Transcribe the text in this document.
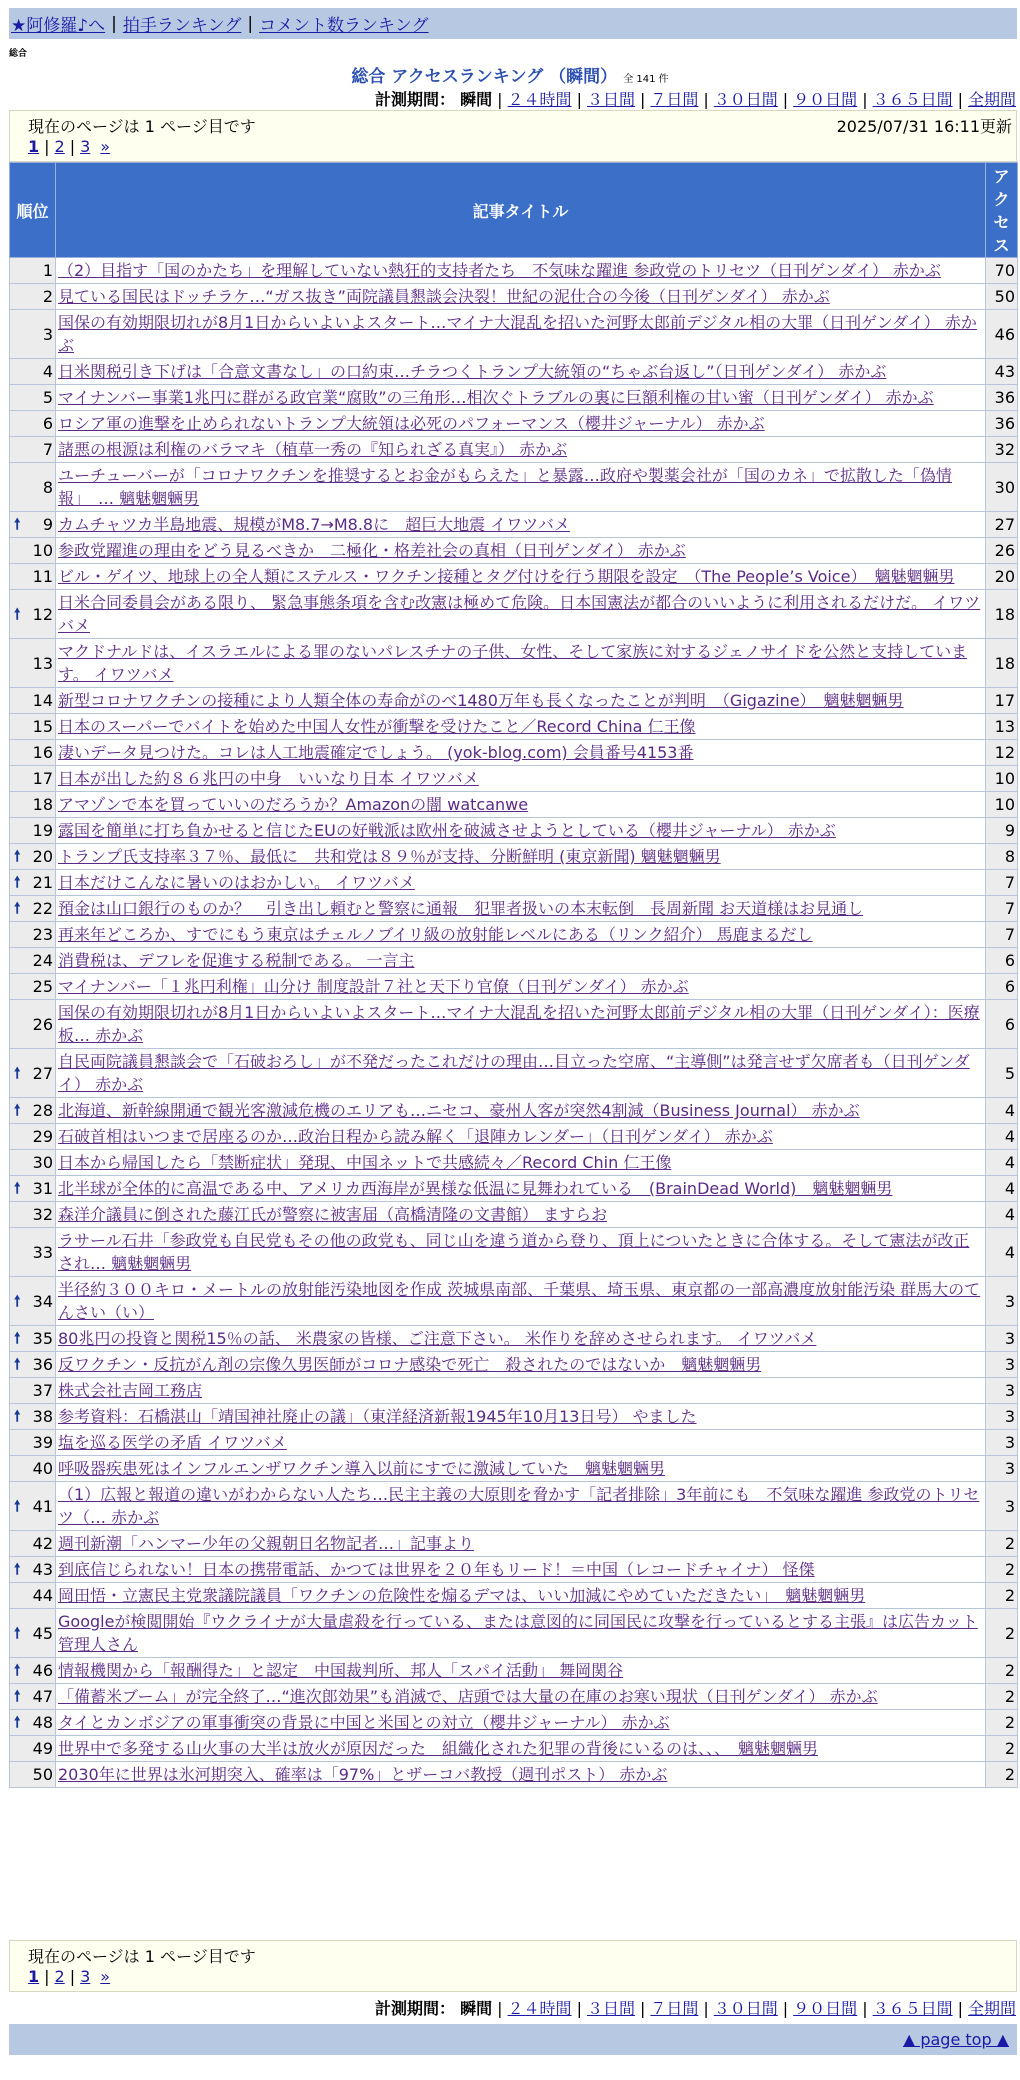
★阿修羅♪へ | 拍手ランキング | コメント数ランキング
総合
総合 アクセスランキング （瞬間） 全 141 件
計測期間： 瞬間 | ２４時間 | ３日間 | ７日間 | ３０日間 | ９０日間 | ３６５日間 | 全期間
現在のページは 1 ページ目です	2025/07/31 16:11更新
1 | 2 | 3 »
順位	記事タイトル	アクセス
1	（2）目指す「国のかたち」を理解していない熱狂的支持者たち　不気味な躍進 参政党のトリセツ（日刊ゲンダイ） 赤かぶ	70
2	見ている国民はドッチラケ…“ガス抜き”両院議員懇談会決裂！世紀の泥仕合の今後（日刊ゲンダイ） 赤かぶ	50
3	国保の有効期限切れが8月1日からいよいよスタート…マイナ大混乱を招いた河野太郎前デジタル相の大罪（日刊ゲンダイ） 赤かぶ	46
4	日米関税引き下げは「合意文書なし」の口約束…チラつくトランプ大統領の“ちゃぶ台返し”（日刊ゲンダイ） 赤かぶ	43
5	マイナンバー事業1兆円に群がる政官業“腐敗”の三角形…相次ぐトラブルの裏に巨額利権の甘い蜜（日刊ゲンダイ） 赤かぶ	36
6	ロシア軍の進撃を止められないトランプ大統領は必死のパフォーマンス（櫻井ジャーナル） 赤かぶ	36
7	諸悪の根源は利権のバラマキ（植草一秀の『知られざる真実』） 赤かぶ	32
8	ユーチューバーが「コロナワクチンを推奨するとお金がもらえた」と暴露…政府や製薬会社が「国のカネ」で拡散した「偽情報」　… 魑魅魍魎男	30

🠕 9	カムチャツカ半島地震、規模がM8.7→M8.8に　超巨大地震 イワツバメ	27
10	参政党躍進の理由をどう見るべきか　二極化・格差社会の真相（日刊ゲンダイ） 赤かぶ	26
11	ビル・ゲイツ、地球上の全人類にステルス・ワクチン接種とタグ付けを行う期限を設定　（The People’s Voice）　魑魅魍魎男	20

🠕 12	日米合同委員会がある限り、 緊急事態条項を含む改憲は極めて危険。日本国憲法が都合のいいように利用されるだけだ。 イワツバメ	18
13	マクドナルドは、イスラエルによる罪のないパレスチナの子供、女性、そして家族に対するジェノサイドを公然と支持しています。 イワツバメ	18
14	新型コロナワクチンの接種により人類全体の寿命がのべ1480万年も長くなったことが判明　（Gigazine）　魑魅魍魎男	17
15	日本のスーパーでバイトを始めた中国人女性が衝撃を受けたこと／Record China 仁王像	13
16	凄いデータ見つけた。コレは人工地震確定でしょう。 (yok-blog.com) 会員番号4153番	12
17	日本が出した約８６兆円の中身　いいなり日本 イワツバメ	10
18	アマゾンで本を買っていいのだろうか？Amazonの闇 watcanwe	10
19	露国を簡単に打ち負かせると信じたEUの好戦派は欧州を破滅させようとしている（櫻井ジャーナル） 赤かぶ	9

🠕 20	トランプ氏支持率３７％、最低に　共和党は８９％が支持、分断鮮明 (東京新聞) 魑魅魍魎男	8

🠕 21	日本だけこんなに暑いのはおかしい。 イワツバメ	7

🠕 22	預金は山口銀行のものか？　引き出し頼むと警察に通報　犯罪者扱いの本末転倒　長周新聞 お天道様はお見通し	7
23	再来年どころか、すでにもう東京はチェルノブイリ級の放射能レベルにある（リンク紹介） 馬鹿まるだし	7
24	消費税は、デフレを促進する税制である。 一言主	6
25	マイナンバー「１兆円利権」山分け 制度設計７社と天下り官僚（日刊ゲンダイ） 赤かぶ	6
26	国保の有効期限切れが8月1日からいよいよスタート…マイナ大混乱を招いた河野太郎前デジタル相の大罪（日刊ゲンダイ）：医療板… 赤かぶ	6

🠕 27	自民両院議員懇談会で「石破おろし」が不発だったこれだけの理由…目立った空席、“主導側”は発言せず欠席者も（日刊ゲンダイ） 赤かぶ	5

🠕 28	北海道、新幹線開通で観光客激減危機のエリアも…ニセコ、豪州人客が突然4割減（Business Journal） 赤かぶ	4
29	石破首相はいつまで居座るのか…政治日程から読み解く「退陣カレンダー」（日刊ゲンダイ） 赤かぶ	4
30	日本から帰国したら「禁断症状」発現、中国ネットで共感続々／Record Chin 仁王像	4

🠕 31	北半球が全体的に高温である中、アメリカ西海岸が異様な低温に見舞われている　(BrainDead World)　魑魅魍魎男	4
32	森洋介議員に倒された藤江氏が警察に被害届（高橋清隆の文書館） ますらお	4
33	ラサール石井「参政党も自民党もその他の政党も、同じ山を違う道から登り、頂上についたときに合体する。そして憲法が改正され… 魑魅魍魎男	4

🠕 34	半径約３００キロ・メートルの放射能汚染地図を作成 茨城県南部、千葉県、埼玉県、東京都の一部高濃度放射能汚染 群馬大のてんさい（い）	3

🠕 35	80兆円の投資と関税15％の話、 米農家の皆様、ご注意下さい。 米作りを辞めさせられます。 イワツバメ	3

🠕 36	反ワクチン・反抗がん剤の宗像久男医師がコロナ感染で死亡　殺されたのではないか　魑魅魍魎男	3
37	株式会社吉岡工務店	3

🠕 38	参考資料：石橋湛山「靖国神社廃止の議」（東洋経済新報1945年10月13日号） やました	3
39	塩を巡る医学の矛盾 イワツバメ	3
40	呼吸器疾患死はインフルエンザワクチン導入以前にすでに激減していた　魑魅魍魎男	3

🠕 41	（1）広報と報道の違いがわからない人たち…民主主義の大原則を脅かす「記者排除」3年前にも　不気味な躍進 参政党のトリセツ（… 赤かぶ	3
42	週刊新潮「ハンマー少年の父親朝日名物記者…」記事より	2

🠕 43	到底信じられない！日本の携帯電話、かつては世界を２０年もリード！＝中国（レコードチャイナ） 怪傑	2
44	岡田悟・立憲民主党衆議院議員「ワクチンの危険性を煽るデマは、いい加減にやめていただきたい」　魑魅魍魎男	2

🠕 45	Googleが検閲開始『ウクライナが大量虐殺を行っている、または意図的に同国民に攻撃を行っているとする主張』は広告カット 管理人さん	2

🠕 46	情報機関から「報酬得た」と認定　中国裁判所、邦人「スパイ活動」 舞岡関谷	2

🠕 47	「備蓄米ブーム」が完全終了…“進次郎効果”も消滅で、店頭では大量の在庫のお寒い現状（日刊ゲンダイ） 赤かぶ	2

🠕 48	タイとカンボジアの軍事衝突の背景に中国と米国との対立（櫻井ジャーナル） 赤かぶ	2
49	世界中で多発する山火事の大半は放火が原因だった　組織化された犯罪の背後にいるのは、、、　魑魅魍魎男	2
50	2030年に世界は氷河期突入、確率は「97%」とザーコバ教授（週刊ポスト） 赤かぶ	2
現在のページは 1 ページ目です
1 | 2 | 3 »
計測期間： 瞬間 | ２４時間 | ３日間 | ７日間 | ３０日間 | ９０日間 | ３６５日間 | 全期間
▲ page top ▲
